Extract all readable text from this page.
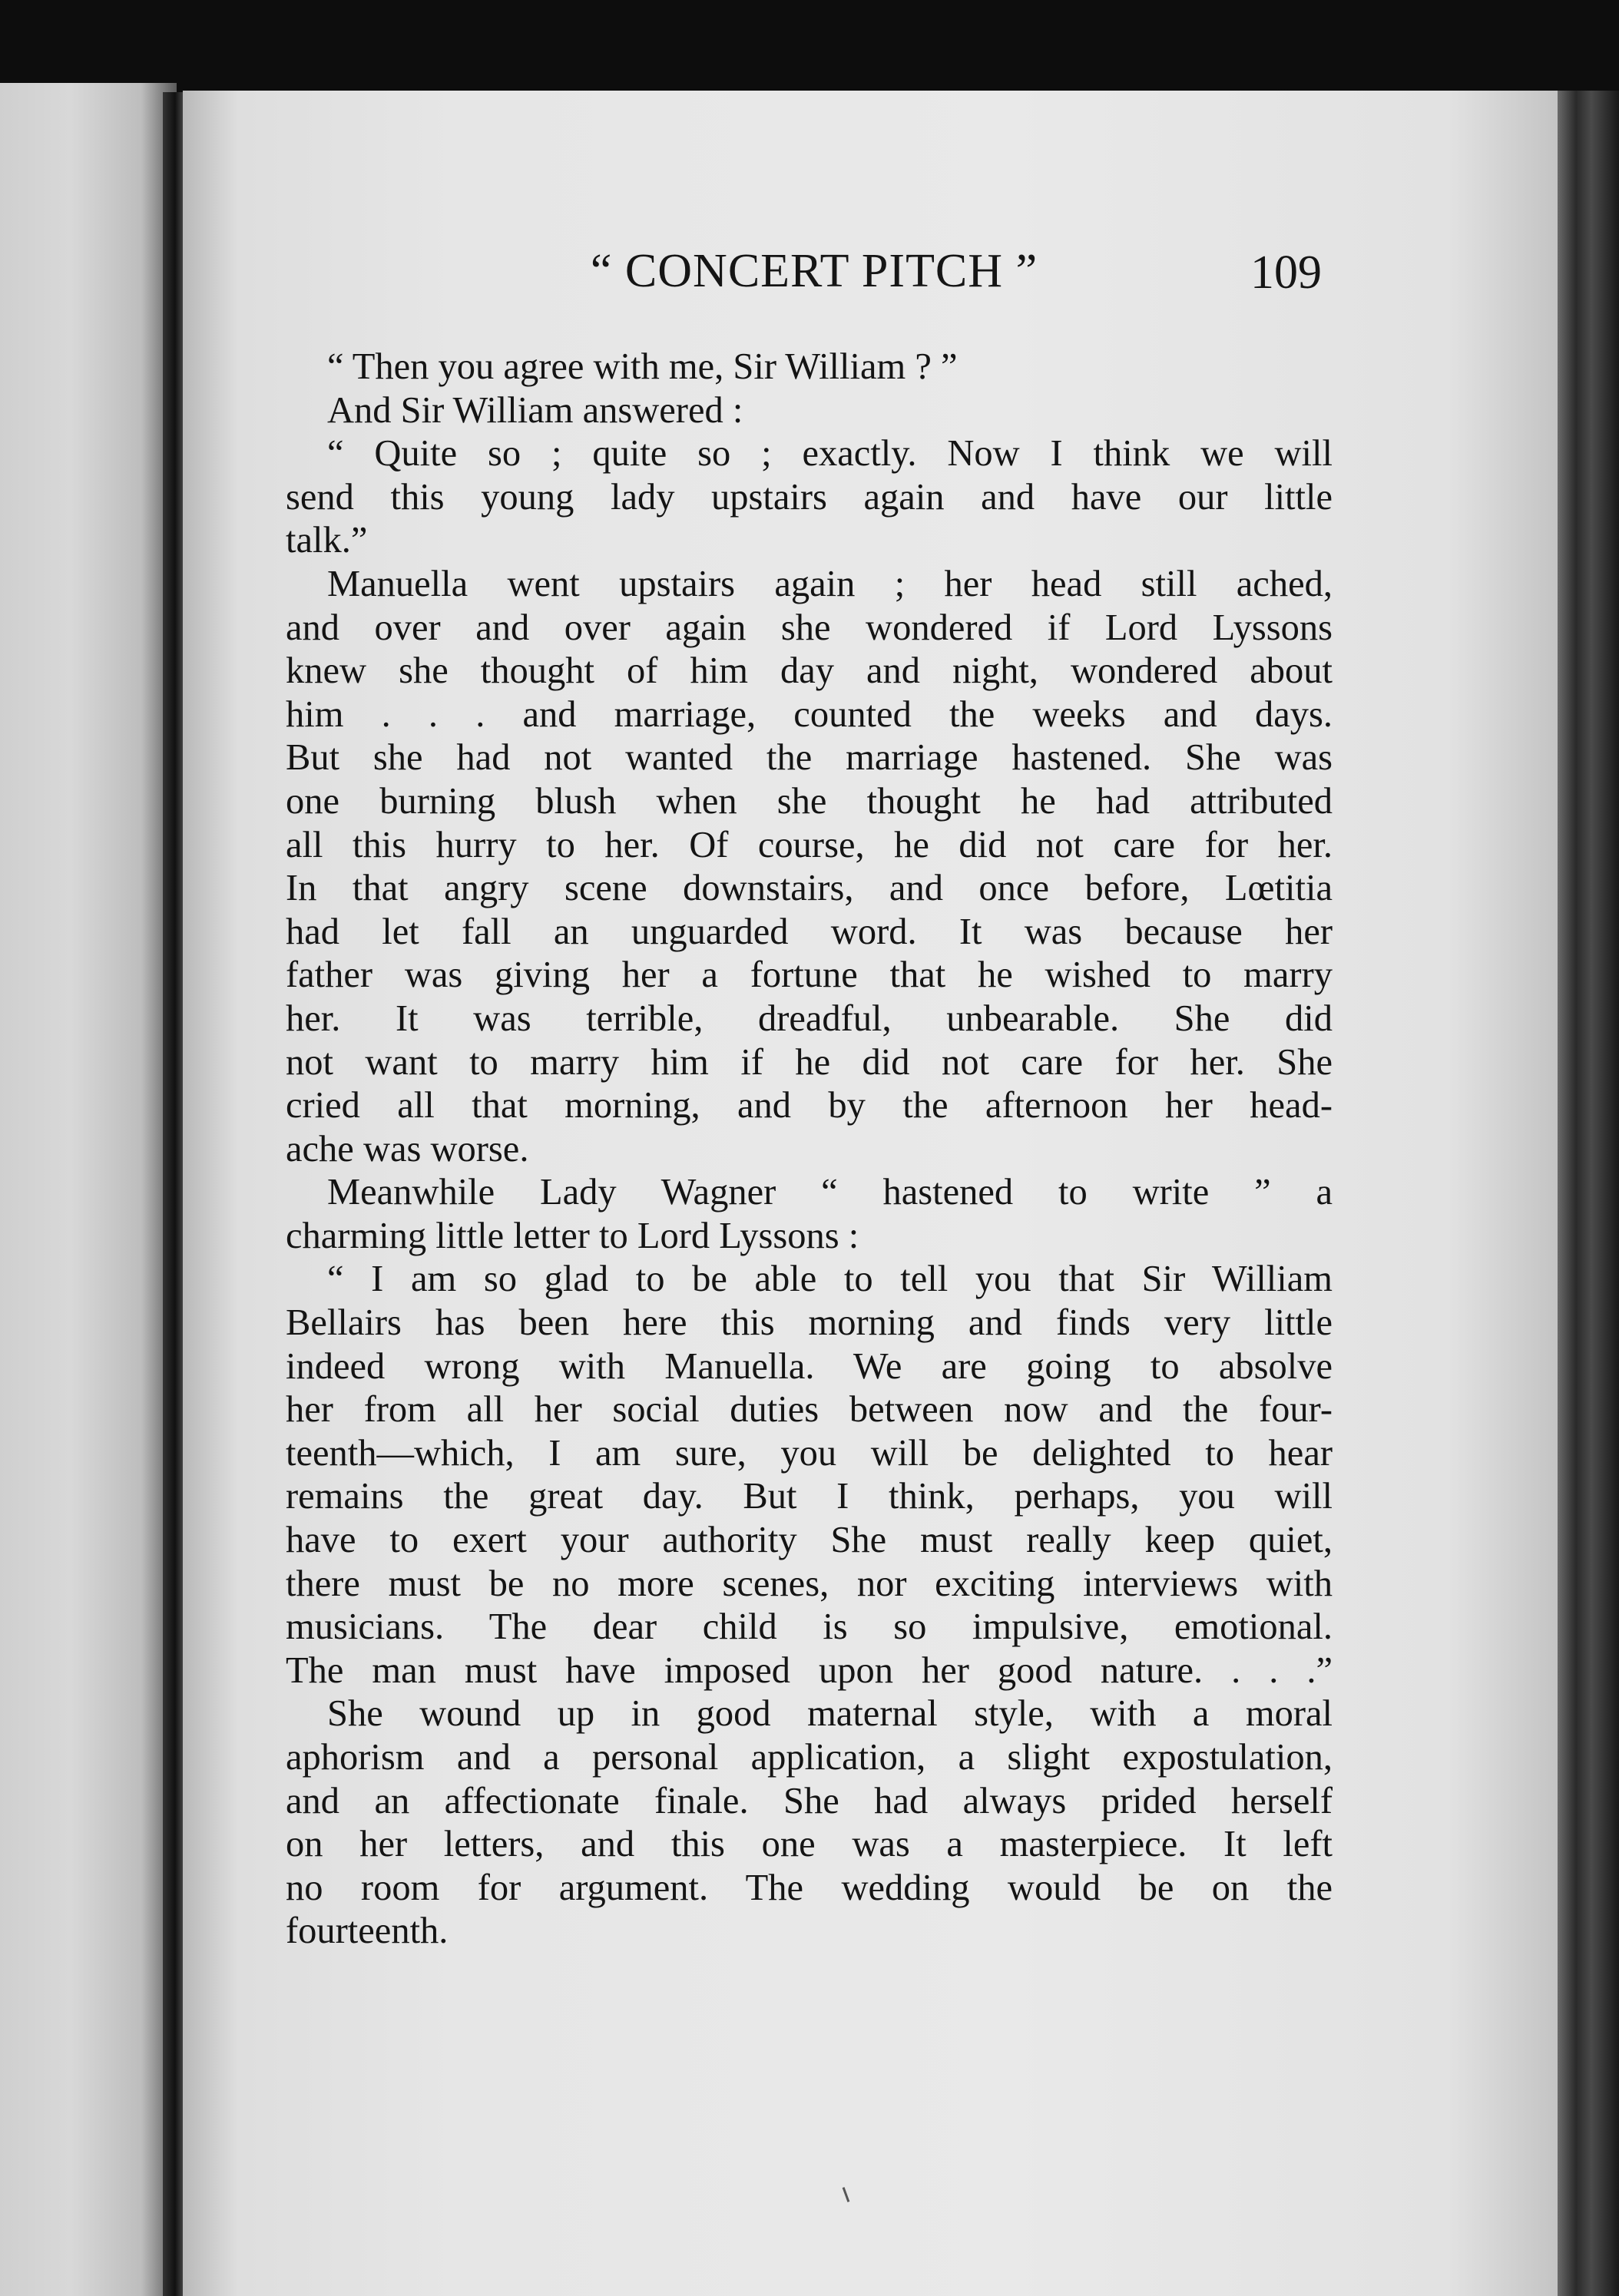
“ CONCERT PITCH ”	109
“ Then you agree with me, Sir William ? ”
And Sir William answered :
“ Quite so ; quite so ; exactly. Now I think we will
send this young lady upstairs again and have our little
talk.”
Manuella went upstairs again ; her head still ached,
and over and over again she wondered if Lord Lyssons
knew she thought of him day and night, wondered about
him . . . and marriage, counted the weeks and days.
But she had not wanted the marriage hastened. She was
one burning blush when she thought he had attributed
all this hurry to her. Of course, he did not care for her.
In that angry scene downstairs, and once before, Lœtitia
had let fall an unguarded word. It was because her
father was giving her a fortune that he wished to marry
her. It was terrible, dreadful, unbearable. She did
not want to marry him if he did not care for her. She
cried all that morning, and by the afternoon her head-
ache was worse.
Meanwhile Lady Wagner “ hastened to write ” a
charming little letter to Lord Lyssons :
“ I am so glad to be able to tell you that Sir William
Bellairs has been here this morning and finds very little
indeed wrong with Manuella. We are going to absolve
her from all her social duties between now and the four-
teenth—which, I am sure, you will be delighted to hear
remains the great day. But I think, perhaps, you will
have to exert your authority She must really keep quiet,
there must be no more scenes, nor exciting interviews with
musicians. The dear child is so impulsive, emotional.
The man must have imposed upon her good nature. . . .”
She wound up in good maternal style, with a moral
aphorism and a personal application, a slight expostulation,
and an affectionate finale. She had always prided herself
on her letters, and this one was a masterpiece. It left
no room for argument. The wedding would be on the
fourteenth.
